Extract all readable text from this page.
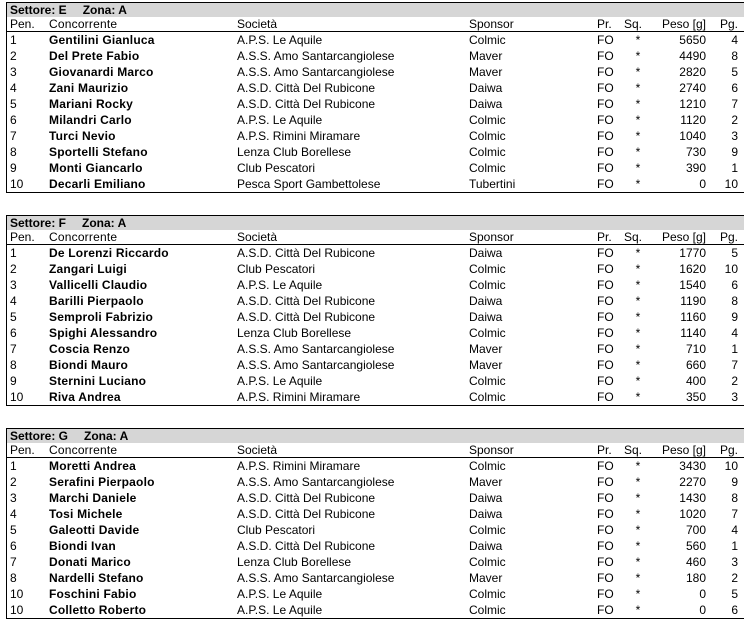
Settore: E Zona: A
Pen. Concorrente	Società	Sponsor	Pr. Sq. Peso [g] Pg.
1	Gentilini Gianluca	A.P.S. Le Aquile	Colmic	FO	*	5650 4
2	Del Prete Fabio	A.S.S. Amo Santarcangiolese	Maver	FO	*	4490 8
3	Giovanardi Marco	A.S.S. Amo Santarcangiolese	Maver	FO	*	2820 5
4	Zani Maurizio	A.S.D. Città Del Rubicone	Daiwa	FO	*	2740 6
5	Mariani Rocky	A.S.D. Città Del Rubicone	Daiwa	FO	*	1210 7
6	Milandri Carlo	A.P.S. Le Aquile	Colmic	FO	*	1120 2
7	Turci Nevio	A.P.S. Rimini Miramare	Colmic	FO	*	1040 3
8	Sportelli Stefano	Lenza Club Borellese	Colmic	FO	*	730 9
9	Monti Giancarlo	Club Pescatori	Colmic	FO	*	390 1
10 Decarli Emiliano	Pesca Sport Gambettolese	Tubertini	FO	*	0 10
Settore: F Zona: A
Pen. Concorrente	Società	Sponsor	Pr. Sq. Peso [g] Pg.
1	De Lorenzi Riccardo	A.S.D. Città Del Rubicone	Daiwa	FO	*	1770 5
2	Zangari Luigi	Club Pescatori	Colmic	FO	*	1620 10
3	Vallicelli Claudio	A.P.S. Le Aquile	Colmic	FO	*	1540 6
4	Barilli Pierpaolo	A.S.D. Città Del Rubicone	Daiwa	FO	*	1190 8
5	Semproli Fabrizio	A.S.D. Città Del Rubicone	Daiwa	FO	*	1160 9
6	Spighi Alessandro	Lenza Club Borellese	Colmic	FO	*	1140 4
7	Coscia Renzo	A.S.S. Amo Santarcangiolese	Maver	FO	*	710 1
8	Biondi Mauro	A.S.S. Amo Santarcangiolese	Maver	FO	*	660 7
9	Sternini Luciano	A.P.S. Le Aquile	Colmic	FO	*	400 2
10 Riva Andrea	A.P.S. Rimini Miramare	Colmic	FO	*	350 3
Settore: G Zona: A
Pen. Concorrente	Società	Sponsor	Pr. Sq. Peso [g] Pg.
1	Moretti Andrea	A.P.S. Rimini Miramare	Colmic	FO	*	3430 10
2	Serafini Pierpaolo	A.S.S. Amo Santarcangiolese	Maver	FO	*	2270 9
3	Marchi Daniele	A.S.D. Città Del Rubicone	Daiwa	FO	*	1430 8
4	Tosi Michele	A.S.D. Città Del Rubicone	Daiwa	FO	*	1020 7
5	Galeotti Davide	Club Pescatori	Colmic	FO	*	700 4
6	Biondi Ivan	A.S.D. Città Del Rubicone	Daiwa	FO	*	560 1
7	Donati Marico	Lenza Club Borellese	Colmic	FO	*	460 3
8	Nardelli Stefano	A.S.S. Amo Santarcangiolese	Maver	FO	*	180 2
10 Foschini Fabio	A.P.S. Le Aquile	Colmic	FO	*	0 5
10 Colletto Roberto	A.P.S. Le Aquile	Colmic	FO	*	0 6
